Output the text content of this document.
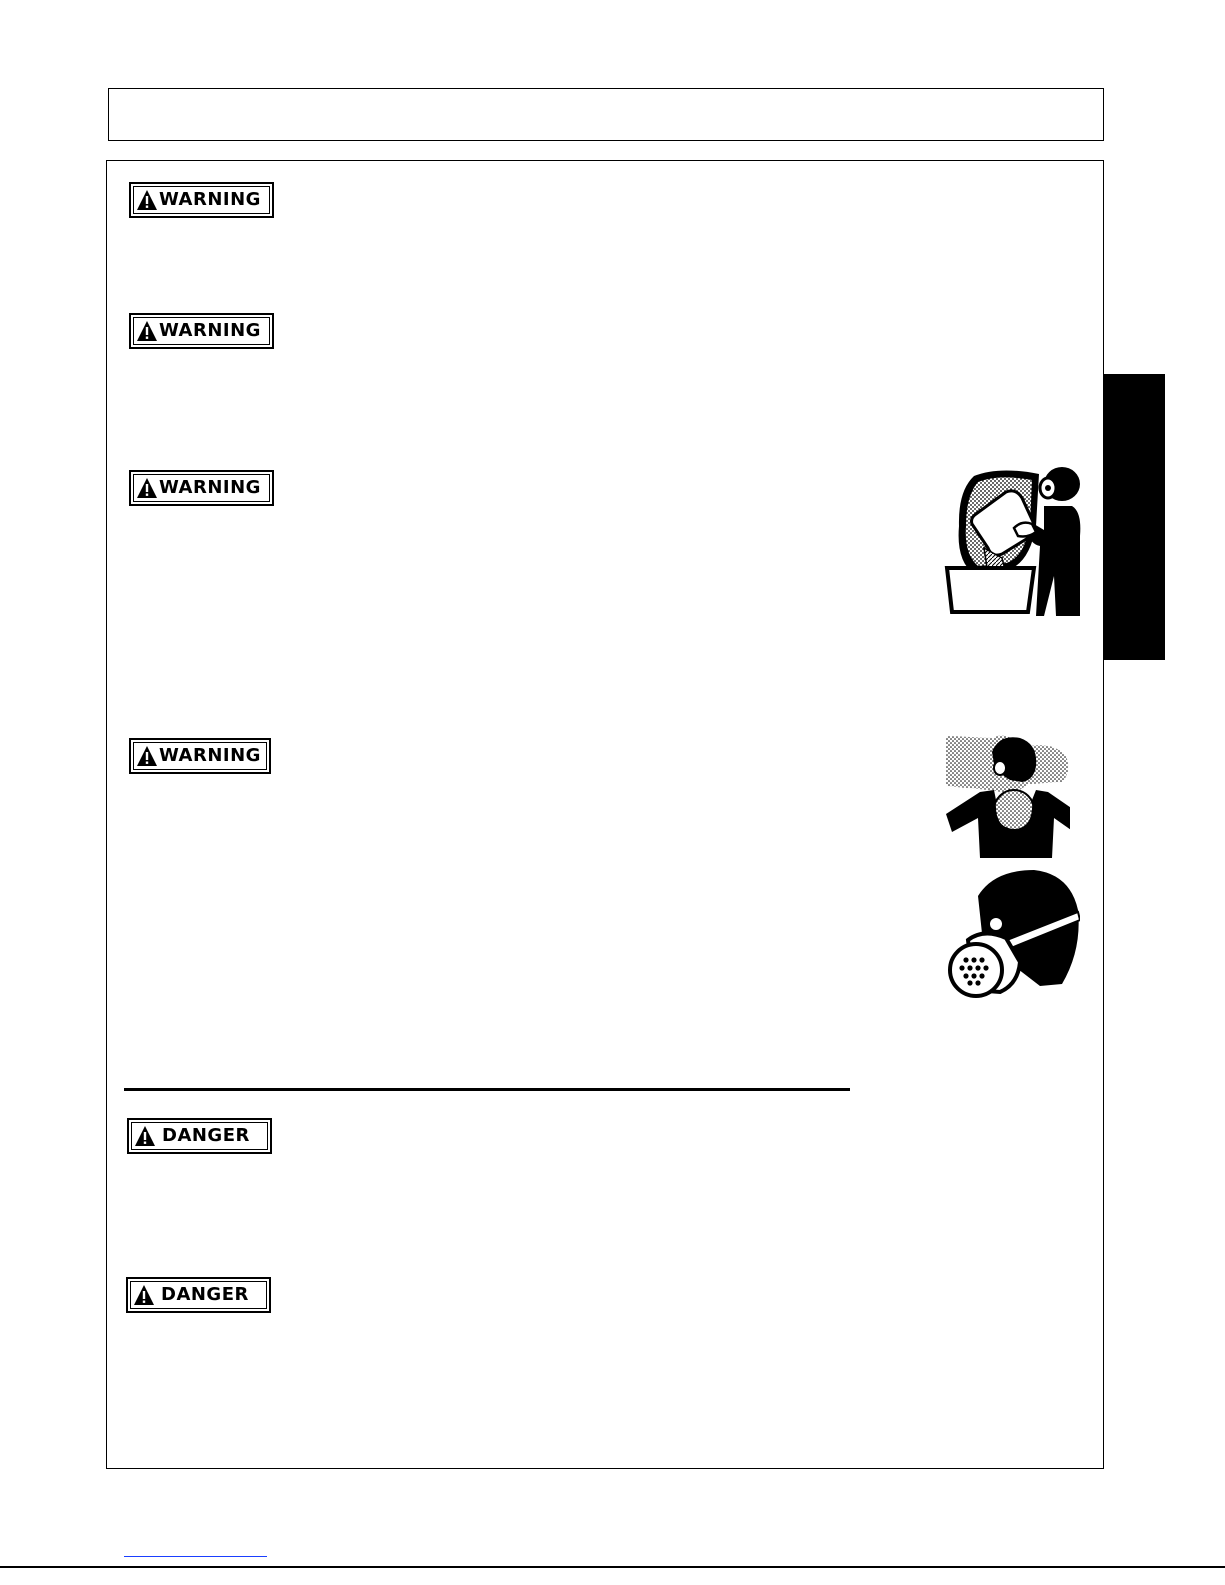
WARNING
WARNING
WARNING
WARNING
DANGER
DANGER
